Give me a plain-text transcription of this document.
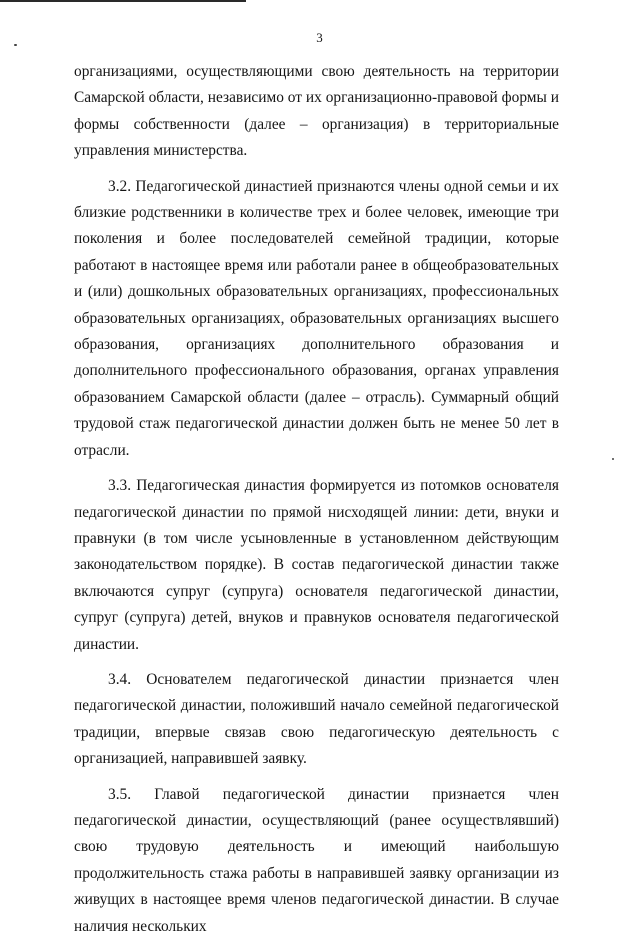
3

организациями, осуществляющими свою деятельность на территории Самарской области, независимо от их организационно-правовой формы и формы собственности (далее – организация) в территориальные управления министерства.

3.2. Педагогической династией признаются члены одной семьи и их близкие родственники в количестве трех и более человек, имеющие три поколения и более последователей семейной традиции, которые работают в настоящее время или работали ранее в общеобразовательных и (или) дошкольных образовательных организациях, профессиональных образовательных организациях, образовательных организациях высшего образования, организациях дополнительного образования и дополнительного профессионального образования, органах управления образованием Самарской области (далее – отрасль). Суммарный общий трудовой стаж педагогической династии должен быть не менее 50 лет в отрасли.

3.3. Педагогическая династия формируется из потомков основателя педагогической династии по прямой нисходящей линии: дети, внуки и правнуки (в том числе усыновленные в установленном действующим законодательством порядке). В состав педагогической династии также включаются супруг (супруга) основателя педагогической династии, супруг (супруга) детей, внуков и правнуков основателя педагогической династии.

3.4. Основателем педагогической династии признается член педагогической династии, положивший начало семейной педагогической традиции, впервые связав свою педагогическую деятельность с организацией, направившей заявку.

3.5. Главой педагогической династии признается член педагогической династии, осуществляющий (ранее осуществлявший) свою трудовую деятельность и имеющий наибольшую продолжительность стажа работы в направившей заявку организации из живущих в настоящее время членов педагогической династии. В случае наличия нескольких
